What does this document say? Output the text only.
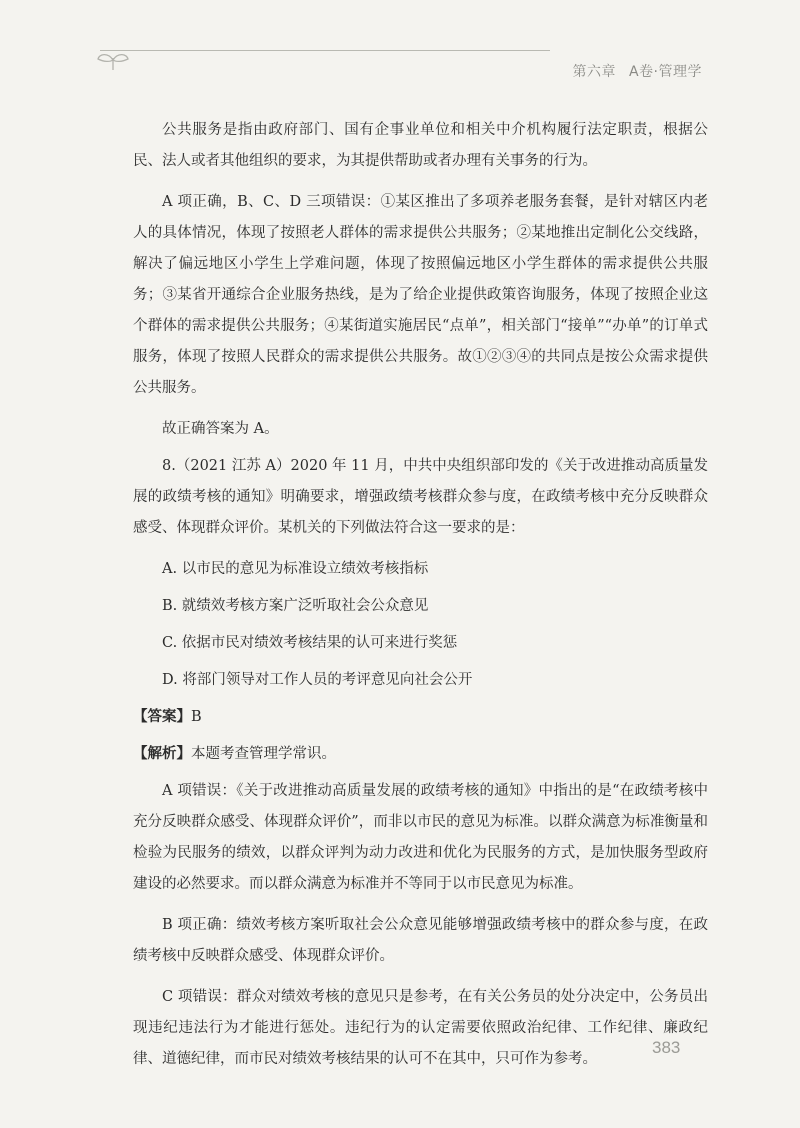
第六章 A卷·管理学

公共服务是指由政府部门、国有企事业单位和相关中介机构履行法定职责，根据公民、法人或者其他组织的要求，为其提供帮助或者办理有关事务的行为。

A 项正确，B、C、D 三项错误：①某区推出了多项养老服务套餐，是针对辖区内老人的具体情况，体现了按照老人群体的需求提供公共服务；②某地推出定制化公交线路，解决了偏远地区小学生上学难问题，体现了按照偏远地区小学生群体的需求提供公共服务；③某省开通综合企业服务热线，是为了给企业提供政策咨询服务，体现了按照企业这个群体的需求提供公共服务；④某街道实施居民“点单”，相关部门“接单”“办单”的订单式服务，体现了按照人民群众的需求提供公共服务。故①②③④的共同点是按公众需求提供公共服务。

故正确答案为 A。

8.（2021 江苏 A）2020 年 11 月，中共中央组织部印发的《关于改进推动高质量发展的政绩考核的通知》明确要求，增强政绩考核群众参与度，在政绩考核中充分反映群众感受、体现群众评价。某机关的下列做法符合这一要求的是：

A. 以市民的意见为标准设立绩效考核指标
B. 就绩效考核方案广泛听取社会公众意见
C. 依据市民对绩效考核结果的认可来进行奖惩
D. 将部门领导对工作人员的考评意见向社会公开
【答案】B
【解析】本题考查管理学常识。

A 项错误：《关于改进推动高质量发展的政绩考核的通知》中指出的是“在政绩考核中充分反映群众感受、体现群众评价”，而非以市民的意见为标准。以群众满意为标准衡量和检验为民服务的绩效，以群众评判为动力改进和优化为民服务的方式，是加快服务型政府建设的必然要求。而以群众满意为标准并不等同于以市民意见为标准。

B 项正确：绩效考核方案听取社会公众意见能够增强政绩考核中的群众参与度，在政绩考核中反映群众感受、体现群众评价。

C 项错误：群众对绩效考核的意见只是参考，在有关公务员的处分决定中，公务员出现违纪违法行为才能进行惩处。违纪行为的认定需要依照政治纪律、工作纪律、廉政纪律、道德纪律，而市民对绩效考核结果的认可不在其中，只可作为参考。

383
